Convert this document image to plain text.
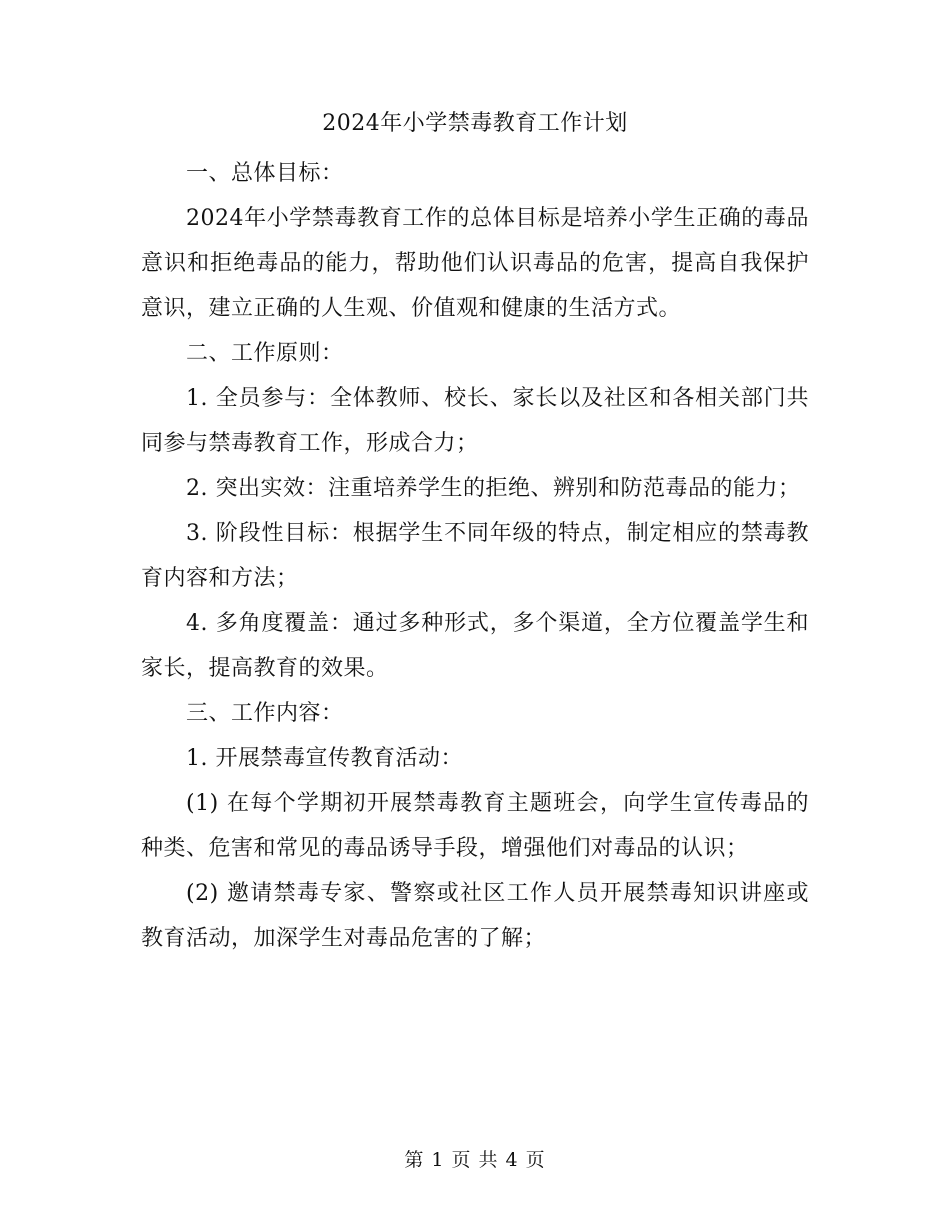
2024年小学禁毒教育工作计划

一、总体目标：

2024年小学禁毒教育工作的总体目标是培养小学生正确的毒品意识和拒绝毒品的能力，帮助他们认识毒品的危害，提高自我保护意识，建立正确的人生观、价值观和健康的生活方式。

二、工作原则：

1. 全员参与：全体教师、校长、家长以及社区和各相关部门共同参与禁毒教育工作，形成合力；

2. 突出实效：注重培养学生的拒绝、辨别和防范毒品的能力；

3. 阶段性目标：根据学生不同年级的特点，制定相应的禁毒教育内容和方法；

4. 多角度覆盖：通过多种形式，多个渠道，全方位覆盖学生和家长，提高教育的效果。

三、工作内容：

1. 开展禁毒宣传教育活动：

(1) 在每个学期初开展禁毒教育主题班会，向学生宣传毒品的种类、危害和常见的毒品诱导手段，增强他们对毒品的认识；

(2) 邀请禁毒专家、警察或社区工作人员开展禁毒知识讲座或教育活动，加深学生对毒品危害的了解；

第 1 页 共 4 页
